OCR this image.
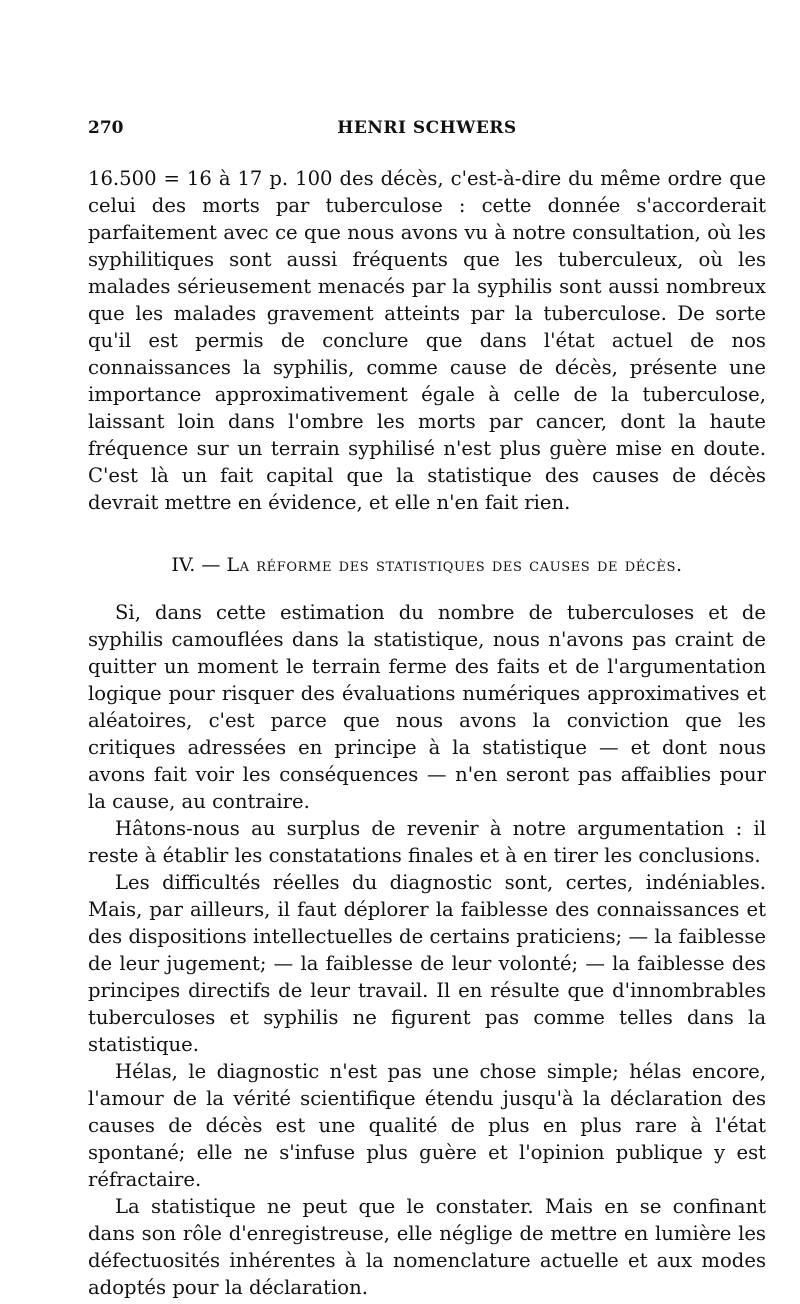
270	HENRI SCHWERS

16.500 = 16 à 17 p. 100 des décès, c'est-à-dire du même ordre que celui des morts par tuberculose : cette donnée s'accorderait parfaitement avec ce que nous avons vu à notre consultation, où les syphilitiques sont aussi fréquents que les tuberculeux, où les malades sérieusement menacés par la syphilis sont aussi nombreux que les malades gravement atteints par la tuberculose. De sorte qu'il est permis de conclure que dans l'état actuel de nos connaissances la syphilis, comme cause de décès, présente une importance approximativement égale à celle de la tuberculose, laissant loin dans l'ombre les morts par cancer, dont la haute fréquence sur un terrain syphilisé n'est plus guère mise en doute. C'est là un fait capital que la statistique des causes de décès devrait mettre en évidence, et elle n'en fait rien.

IV. — La réforme des statistiques des causes de décès.

Si, dans cette estimation du nombre de tuberculoses et de syphilis camouflées dans la statistique, nous n'avons pas craint de quitter un moment le terrain ferme des faits et de l'argumentation logique pour risquer des évaluations numériques approximatives et aléatoires, c'est parce que nous avons la conviction que les critiques adressées en principe à la statistique — et dont nous avons fait voir les conséquences — n'en seront pas affaiblies pour la cause, au contraire.

Hâtons-nous au surplus de revenir à notre argumentation : il reste à établir les constatations finales et à en tirer les conclusions.

Les difficultés réelles du diagnostic sont, certes, indéniables. Mais, par ailleurs, il faut déplorer la faiblesse des connaissances et des dispositions intellectuelles de certains praticiens; — la faiblesse de leur jugement; — la faiblesse de leur volonté; — la faiblesse des principes directifs de leur travail. Il en résulte que d'innombrables tuberculoses et syphilis ne figurent pas comme telles dans la statistique.

Hélas, le diagnostic n'est pas une chose simple; hélas encore, l'amour de la vérité scientifique étendu jusqu'à la déclaration des causes de décès est une qualité de plus en plus rare à l'état spontané; elle ne s'infuse plus guère et l'opinion publique y est réfractaire.

La statistique ne peut que le constater. Mais en se confinant dans son rôle d'enregistreuse, elle néglige de mettre en lumière les défectuosités inhérentes à la nomenclature actuelle et aux modes adoptés pour la déclaration.
